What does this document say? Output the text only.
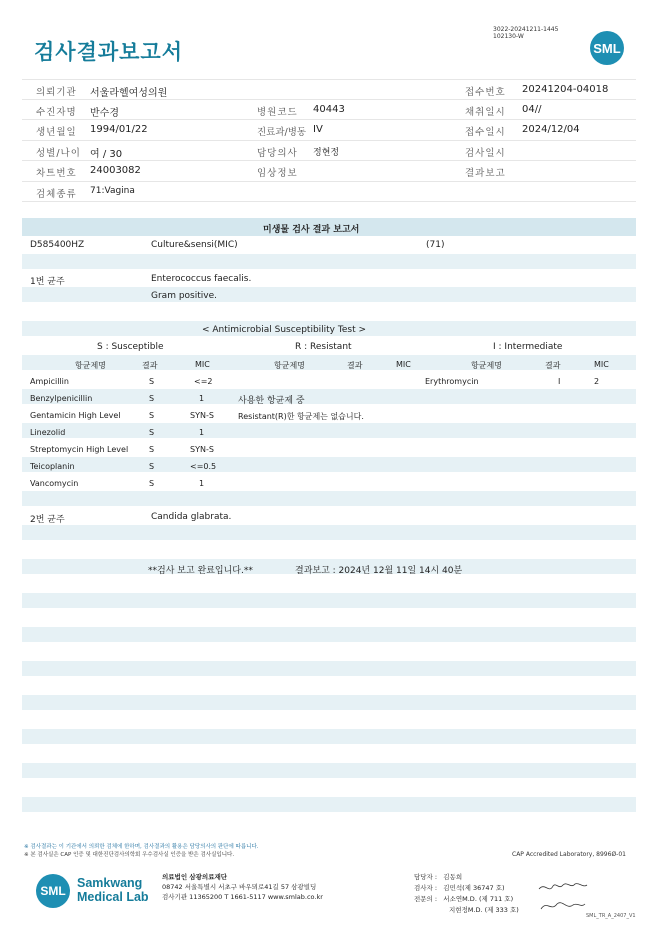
검사결과보고서
3022-20241211-1445
102130-W
SML
의뢰기관 서울라헬여성의원	접수번호 20241204-04018
수진자명 반수경	병원코드 40443	채취일시 04//
생년월일 1994/01/22	진료과/병동 IV	접수일시 2024/12/04
성별/나이 여 / 30	담당의사 정현정	검사일시
차트번호 24003082	임상정보	결과보고
검체종류 71:Vagina
미생물 검사 결과 보고서
D585400HZ	Culture&sensi(MIC)	(71)
1번 균주	Enterococcus faecalis.
Gram positive.
< Antimicrobial Susceptibility Test >
S : Susceptible	R : Resistant	I : Intermediate
항균제명	결과	MIC	항균제명	결과	MIC	항균제명	결과	MIC
Ampicillin	S	<=2	Erythromycin	I	2
Benzylpenicillin	S	1	사용한 항균제 중
Gentamicin High Level	S	SYN-S	Resistant(R)한 항균제는 없습니다.
Linezolid	S	1
Streptomycin High Level	S	SYN-S
Teicoplanin	S	<=0.5
Vancomycin	S	1
2번 균주	Candida glabrata.
**검사 보고 완료입니다.**	결과보고 : 2024년 12월 11일 14시 40분
※ 검사결과는 이 기관에서 의뢰한 검체에 한하며, 검사결과의 활용은 담당의사의 판단에 따릅니다.
※ 본 검사실은 CAP 인증 및 대한진단검사의학회 우수검사실 인증을 받은 검사실입니다.	CAP Accredited Laboratory, 8996Ø-01
SML
Samkwang
Medical Lab
의료법인 삼광의료재단
08742 서울특별시 서초구 바우뫼로41길 57 삼광빌딩
검사기관 11365200 T 1661-5117 www.smlab.co.kr
담당자 : 김동희
검사자 : 김민석(제 36747 호)
전문의 : 서소연M.D. (제 711 호)
지현정M.D. (제 333 호)
SML_TR_A_2407_V1
